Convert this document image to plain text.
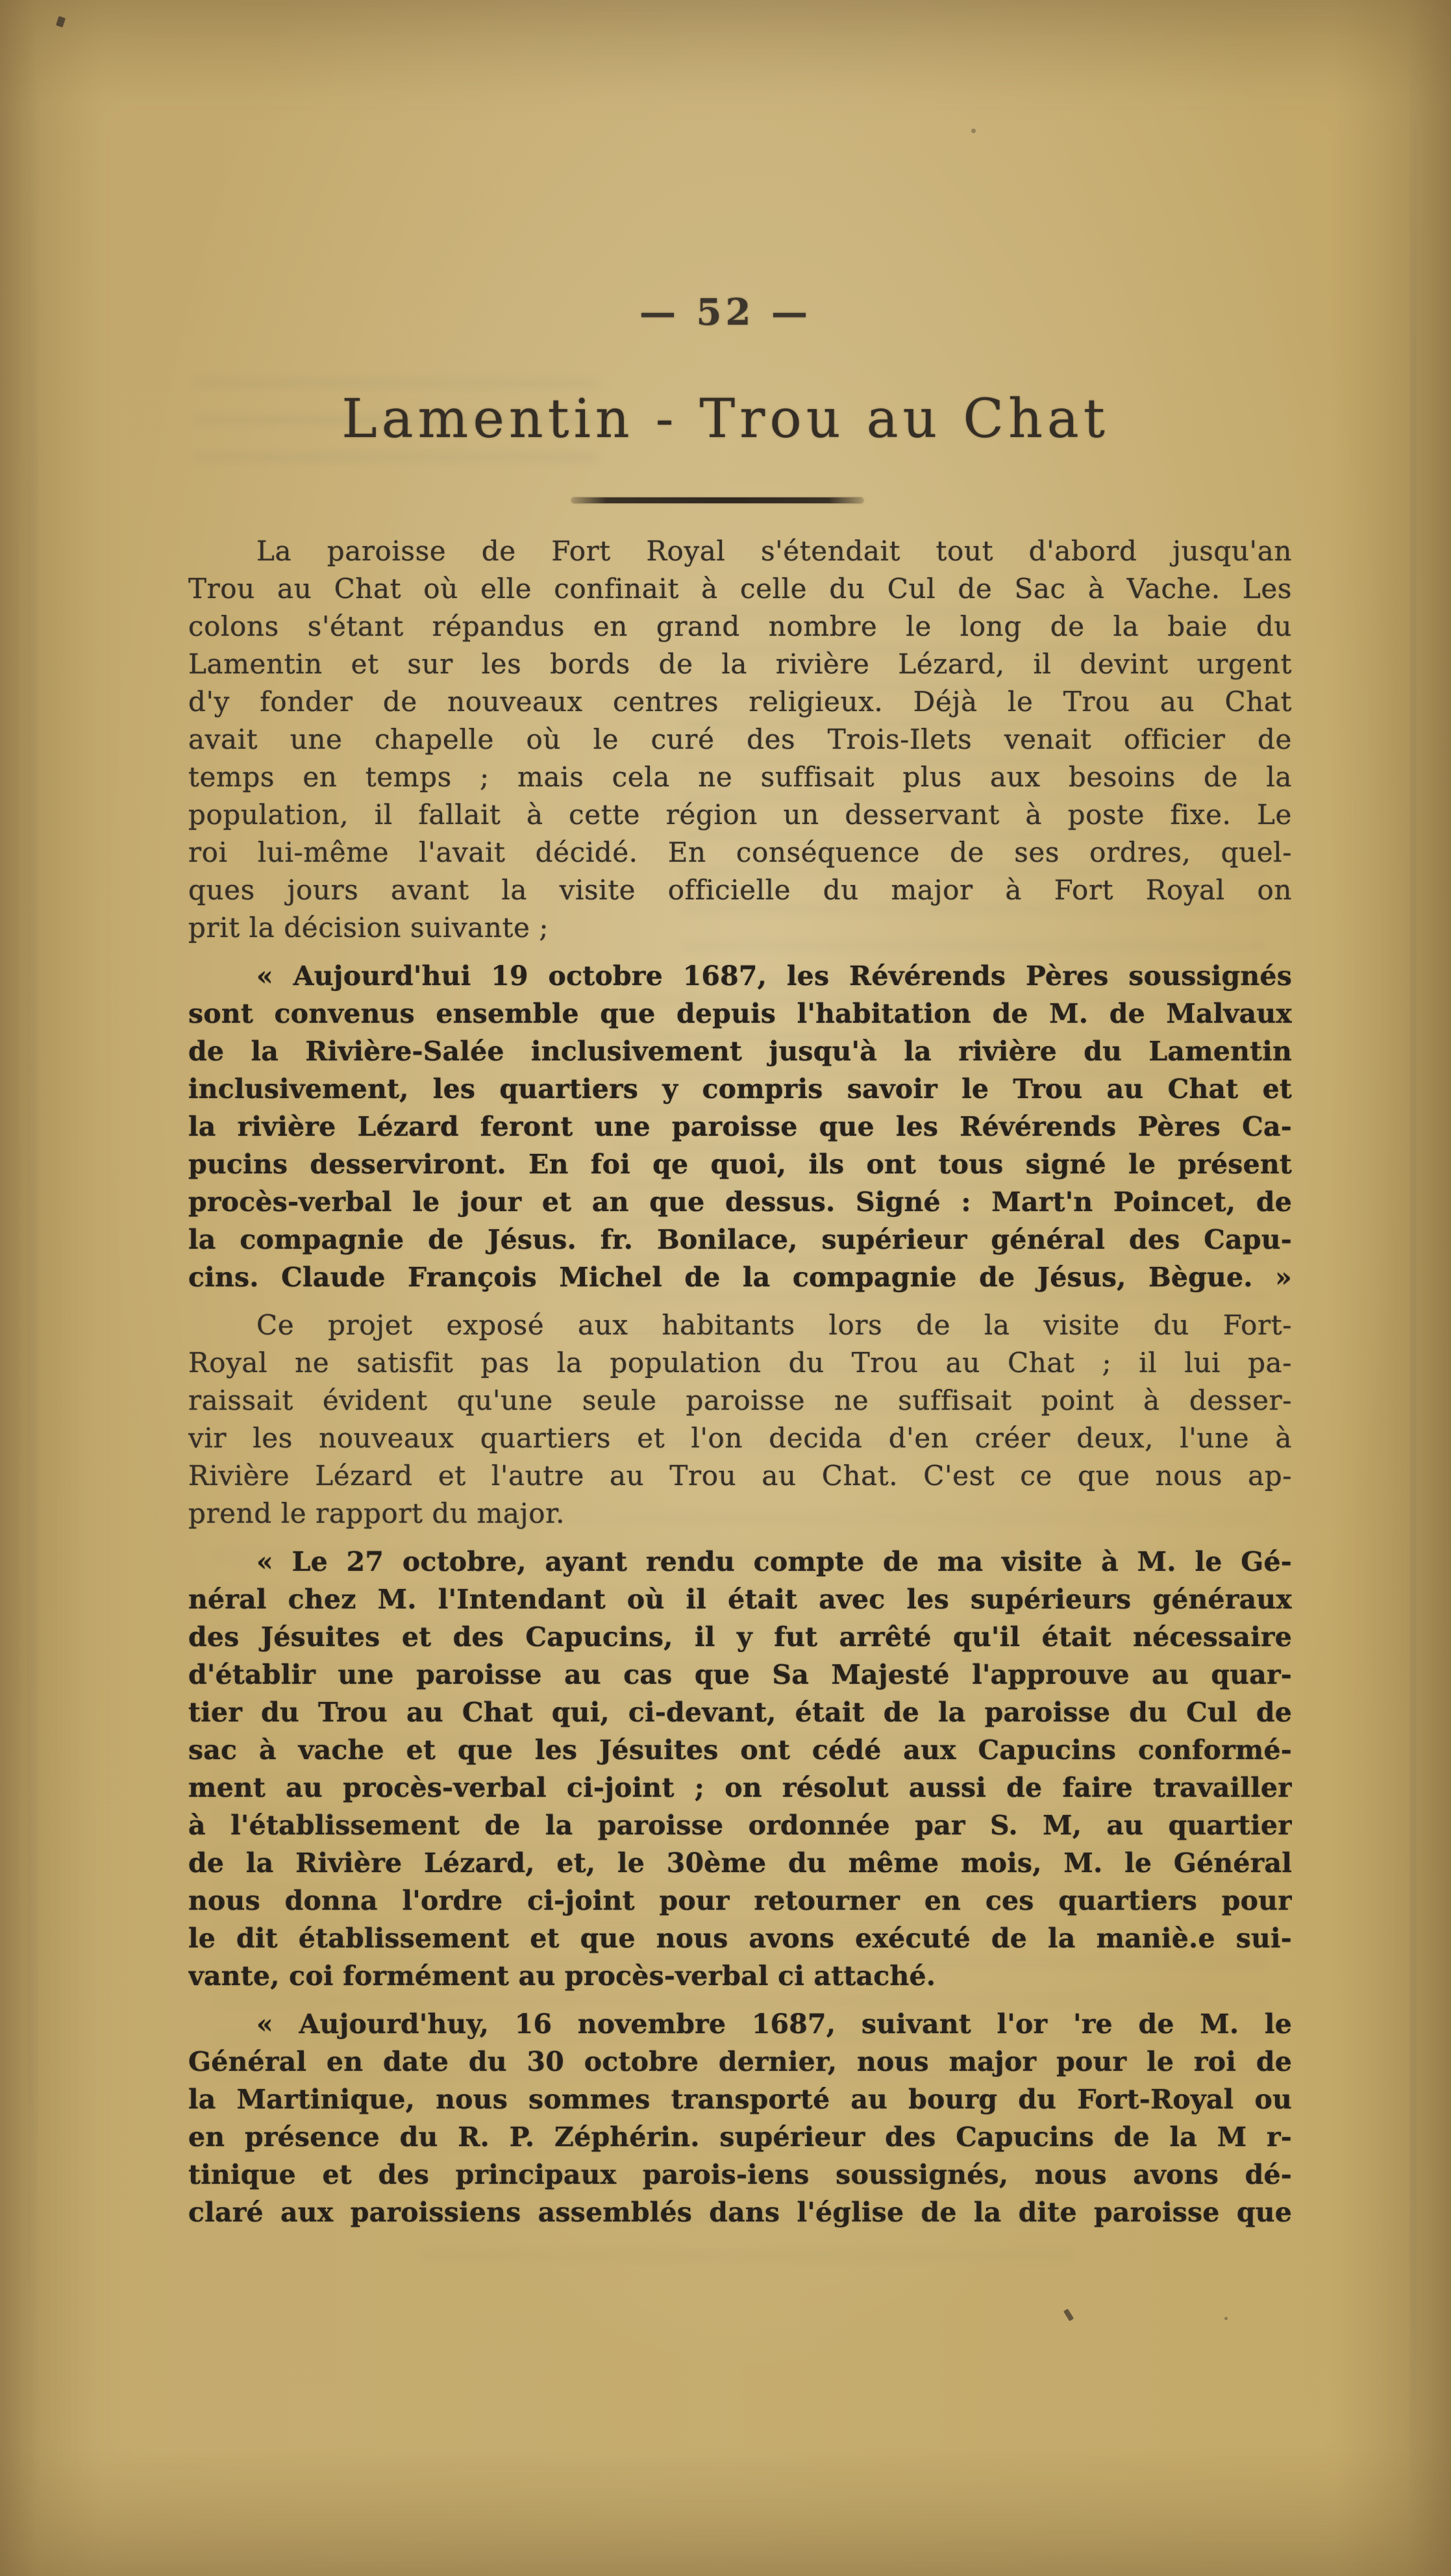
— 52 —
Lamentin - Trou au Chat
La paroisse de Fort Royal s'étendait tout d'abord jusqu'an
Trou au Chat où elle confinait à celle du Cul de Sac à Vache. Les
colons s'étant répandus en grand nombre le long de la baie du
Lamentin et sur les bords de la rivière Lézard, il devint urgent
d'y fonder de nouveaux centres religieux. Déjà le Trou au Chat
avait une chapelle où le curé des Trois-Ilets venait officier de
temps en temps ; mais cela ne suffisait plus aux besoins de la
population, il fallait à cette région un desservant à poste fixe. Le
roi lui-même l'avait décidé. En conséquence de ses ordres, quel-
ques jours avant la visite officielle du major à Fort Royal on
prit la décision suivante ;
« Aujourd'hui 19 octobre 1687, les Révérends Pères soussignés
sont convenus ensemble que depuis l'habitation de M. de Malvaux
de la Rivière-Salée inclusivement jusqu'à la rivière du Lamentin
inclusivement, les quartiers y compris savoir le Trou au Chat et
la rivière Lézard feront une paroisse que les Révérends Pères Ca-
pucins desserviront. En foi qe quoi, ils ont tous signé le présent
procès-verbal le jour et an que dessus. Signé : Mart'n Poincet, de
la compagnie de Jésus. fr. Bonilace, supérieur général des Capu-
cins. Claude François Michel de la compagnie de Jésus, Bègue. »
Ce projet exposé aux habitants lors de la visite du Fort-
Royal ne satisfit pas la population du Trou au Chat ; il lui pa-
raissait évident qu'une seule paroisse ne suffisait point à desser-
vir les nouveaux quartiers et l'on decida d'en créer deux, l'une à
Rivière Lézard et l'autre au Trou au Chat. C'est ce que nous ap-
prend le rapport du major.
« Le 27 octobre, ayant rendu compte de ma visite à M. le Gé-
néral chez M. l'Intendant où il était avec les supérieurs généraux
des Jésuites et des Capucins, il y fut arrêté qu'il était nécessaire
d'établir une paroisse au cas que Sa Majesté l'approuve au quar-
tier du Trou au Chat qui, ci-devant, était de la paroisse du Cul de
sac à vache et que les Jésuites ont cédé aux Capucins conformé-
ment au procès-verbal ci-joint ; on résolut aussi de faire travailler
à l'établissement de la paroisse ordonnée par S. M, au quartier
de la Rivière Lézard, et, le 30ème du même mois, M. le Général
nous donna l'ordre ci-joint pour retourner en ces quartiers pour
le dit établissement et que nous avons exécuté de la maniè.e sui-
vante, coi formément au procès-verbal ci attaché.
« Aujourd'huy, 16 novembre 1687, suivant l'or 're de M. le
Général en date du 30 octobre dernier, nous major pour le roi de
la Martinique, nous sommes transporté au bourg du Fort-Royal ou
en présence du R. P. Zéphérin. supérieur des Capucins de la M r-
tinique et des principaux parois-iens soussignés, nous avons dé-
claré aux paroissiens assemblés dans l'église de la dite paroisse que
